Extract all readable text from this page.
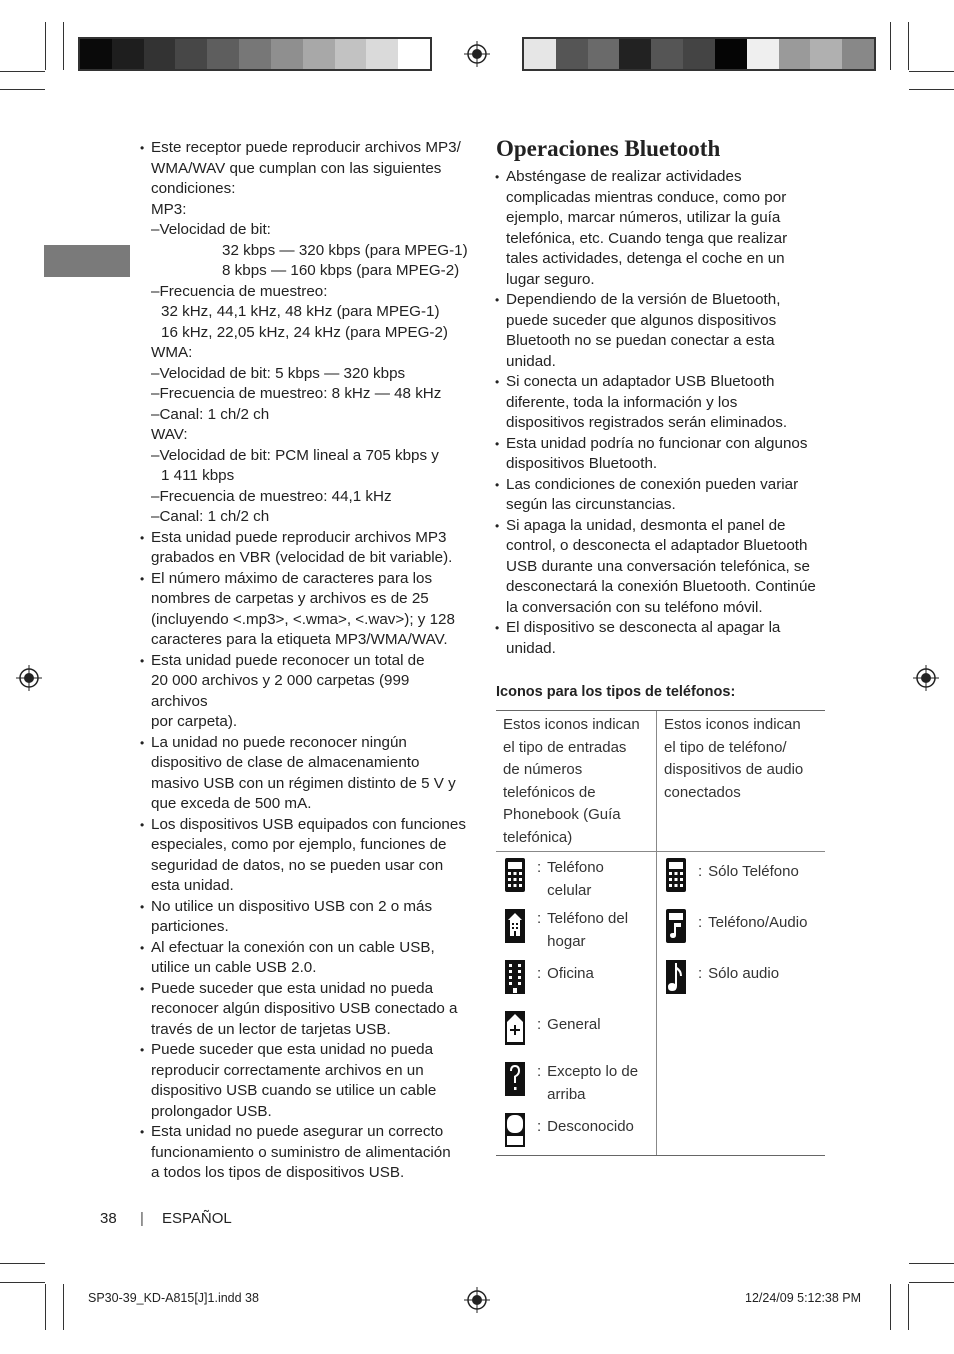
• Este receptor puede reproducir archivos MP3/
WMA/WAV que cumplan con las siguientes
condiciones:
MP3:
–Velocidad de bit:
32 kbps — 320 kbps (para MPEG-1)
8 kbps — 160 kbps (para MPEG-2)
–Frecuencia de muestreo:
32 kHz, 44,1 kHz, 48 kHz (para MPEG-1)
16 kHz, 22,05 kHz, 24 kHz (para MPEG-2)
WMA:
–Velocidad de bit: 5 kbps — 320 kbps
–Frecuencia de muestreo: 8 kHz — 48 kHz
–Canal: 1 ch/2 ch
WAV:
–Velocidad de bit: PCM lineal a 705 kbps y
1 411 kbps
–Frecuencia de muestreo: 44,1 kHz
–Canal: 1 ch/2 ch
• Esta unidad puede reproducir archivos MP3
grabados en VBR (velocidad de bit variable).
• El número máximo de caracteres para los
nombres de carpetas y archivos es de 25
(incluyendo <.mp3>, <.wma>, <.wav>); y 128
caracteres para la etiqueta MP3/WMA/WAV.
• Esta unidad puede reconocer un total de
20 000 archivos y 2 000 carpetas (999 archivos
por carpeta).
• La unidad no puede reconocer ningún
dispositivo de clase de almacenamiento
masivo USB con un régimen distinto de 5 V y
que exceda de 500 mA.
• Los dispositivos USB equipados con funciones
especiales, como por ejemplo, funciones de
seguridad de datos, no se pueden usar con
esta unidad.
• No utilice un dispositivo USB con 2 o más
particiones.
• Al efectuar la conexión con un cable USB,
utilice un cable USB 2.0.
• Puede suceder que esta unidad no pueda
reconocer algún dispositivo USB conectado a
través de un lector de tarjetas USB.
• Puede suceder que esta unidad no pueda
reproducir correctamente archivos en un
dispositivo USB cuando se utilice un cable
prolongador USB.
• Esta unidad no puede asegurar un correcto
funcionamiento o suministro de alimentación
a todos los tipos de dispositivos USB.
Operaciones Bluetooth
• Absténgase de realizar actividades
complicadas mientras conduce, como por
ejemplo, marcar números, utilizar la guía
telefónica, etc. Cuando tenga que realizar
tales actividades, detenga el coche en un
lugar seguro.
• Dependiendo de la versión de Bluetooth,
puede suceder que algunos dispositivos
Bluetooth no se puedan conectar a esta
unidad.
• Si conecta un adaptador USB Bluetooth
diferente, toda la información y los
dispositivos registrados serán eliminados.
• Esta unidad podría no funcionar con algunos
dispositivos Bluetooth.
• Las condiciones de conexión pueden variar
según las circunstancias.
• Si apaga la unidad, desmonta el panel de
control, o desconecta el adaptador Bluetooth
USB durante una conversación telefónica, se
desconectará la conexión Bluetooth. Continúe
la conversación con su teléfono móvil.
• El dispositivo se desconecta al apagar la
unidad.
Iconos para los tipos de teléfonos:
Estos iconos indican
el tipo de entradas
de números
telefónicos de
Phonebook (Guía
telefónica)
Estos iconos indican
el tipo de teléfono/
dispositivos de audio
conectados
: Teléfono
celular
: Teléfono del
hogar
: Oficina
: General
: Excepto lo de
arriba
: Desconocido
: Sólo Teléfono
: Teléfono/Audio
: Sólo audio
38 | ESPAÑOL
SP30-39_KD-A815[J]1.indd 38	12/24/09 5:12:38 PM
